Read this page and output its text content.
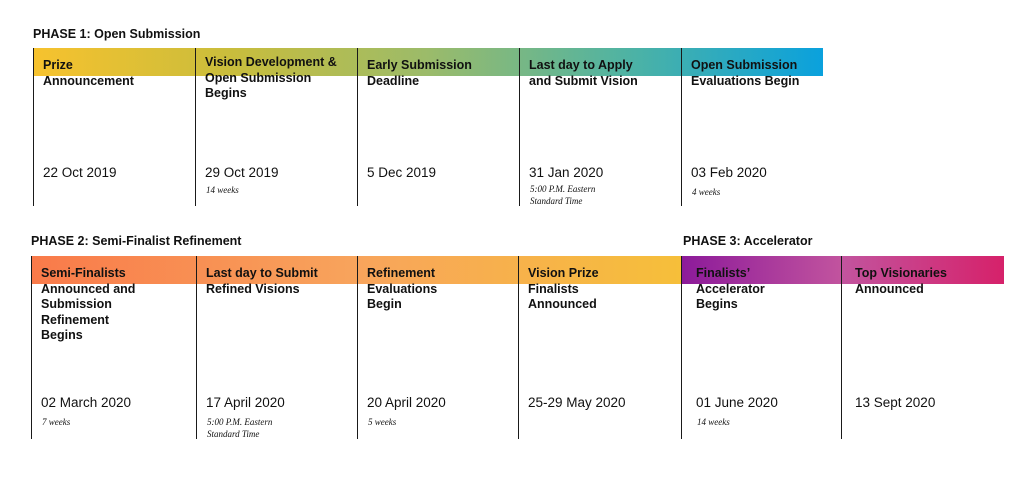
PHASE 1: Open Submission
Prize Announcement
22 Oct 2019
Vision Development & Open Submission Begins
29 Oct 2019
14 weeks
Early Submission Deadline
5 Dec 2019
Last day to Apply and Submit Vision
31 Jan 2020
5:00 P.M. Eastern Standard Time
Open Submission Evaluations Begin
03 Feb 2020
4 weeks
PHASE 2: Semi-Finalist Refinement
Semi-Finalists Announced and Submission Refinement Begins
02 March 2020
7 weeks
Last day to Submit Refined Visions
17 April 2020
5:00 P.M. Eastern Standard Time
Refinement Evaluations Begin
20 April 2020
5 weeks
Vision Prize Finalists Announced
25-29 May 2020
PHASE 3: Accelerator
Finalists’ Accelerator Begins
01 June 2020
14 weeks
Top Visionaries Announced
13 Sept 2020
